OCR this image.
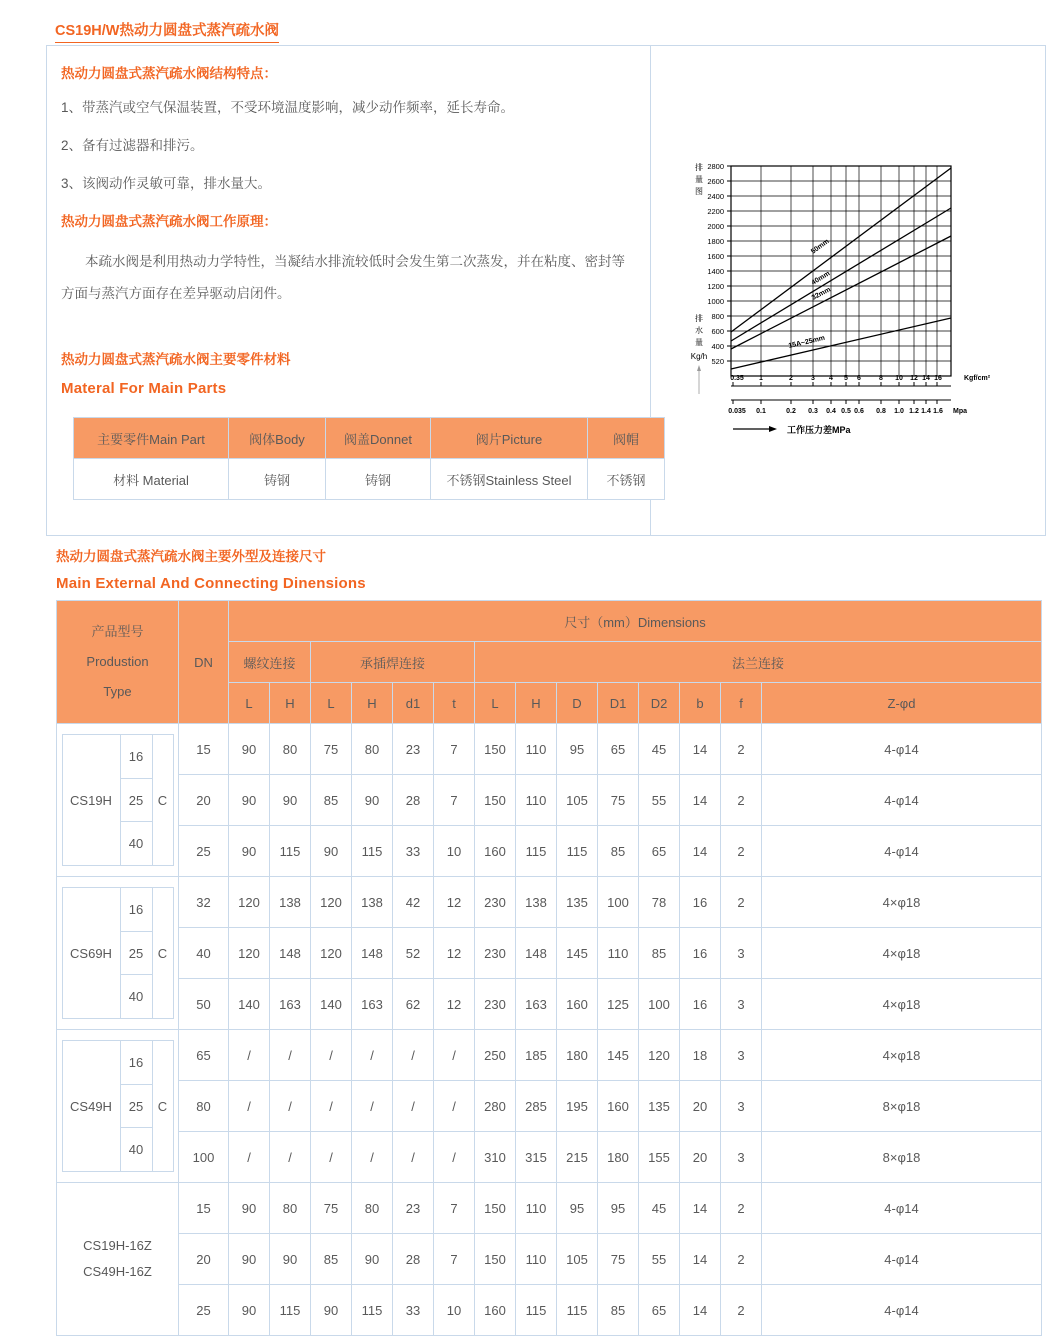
CS19H/W热动力圆盘式蒸汽疏水阀
热动力圆盘式蒸汽疏水阀结构特点：
1、带蒸汽或空气保温装置，不受环境温度影响，减少动作频率，延长寿命。
2、备有过滤器和排污。
3、该阀动作灵敏可靠，排水量大。
热动力圆盘式蒸汽疏水阀工作原理：
本疏水阀是利用热动力学特性，当凝结水排流较低时会发生第二次蒸发，并在粘度、密封等方面与蒸汽方面存在差异驱动启闭件。
热动力圆盘式蒸汽疏水阀主要零件材料
Materal For Main Parts
主要零件Main Part	阀体Body	阀盖Donnet	阀片Picture	阀帽
材料 Material	铸钢	铸钢	不锈钢Stainless Steel	不锈钢
2800
2600
2400
2200
2000
1800
1600
1400
1200
1000
800
600
400
520
排
量
图
排
水
量
Kg/h
50mm
40mm
32mm
15A~25mm
0.35 1	2	3 4 5 6	8 10 12 14 16	Kgf/cm²
0.035 0.1	0.2 0.3 0.4 0.5 0.6 0.8 1.0 1.2 1.4 1.6 Mpa
工作压力差MPa
热动力圆盘式蒸汽疏水阀主要外型及连接尺寸
Main External And Connecting Dinensions
产品型号
Produstion
Type	DN	尺寸（mm）Dimensions													
		螺纹连接		承插焊连接				法兰连接							
		L	H	L	H	d1	t	L	H	D	D1	D2	b	f	Z-φd

CS19H
16
25
40
C	15	90	80	75	80	23	7	150	110	95	65	45	14	2	4-φ14
	20	90	90	85	90	28	7	150	110	105	75	55	14	2	4-φ14
	25	90	115	90	115	33	10	160	115	115	85	65	14	2	4-φ14

CS69H
16
25
40
C	32	120	138	120	138	42	12	230	138	135	100	78	16	2	4×φ18
	40	120	148	120	148	52	12	230	148	145	110	85	16	3	4×φ18
	50	140	163	140	163	62	12	230	163	160	125	100	16	3	4×φ18

CS49H
16
25
40
C	65	/	/	/	/	/	/	250	185	180	145	120	18	3	4×φ18
	80	/	/	/	/	/	/	280	285	195	160	135	20	3	8×φ18
	100	/	/	/	/	/	/	310	315	215	180	155	20	3	8×φ18

CS19H-16Z
CS49H-16Z	15	90	80	75	80	23	7	150	110	95	95	45	14	2	4-φ14
	20	90	90	85	90	28	7	150	110	105	75	55	14	2	4-φ14
	25	90	115	90	115	33	10	160	115	115	85	65	14	2	4-φ14
